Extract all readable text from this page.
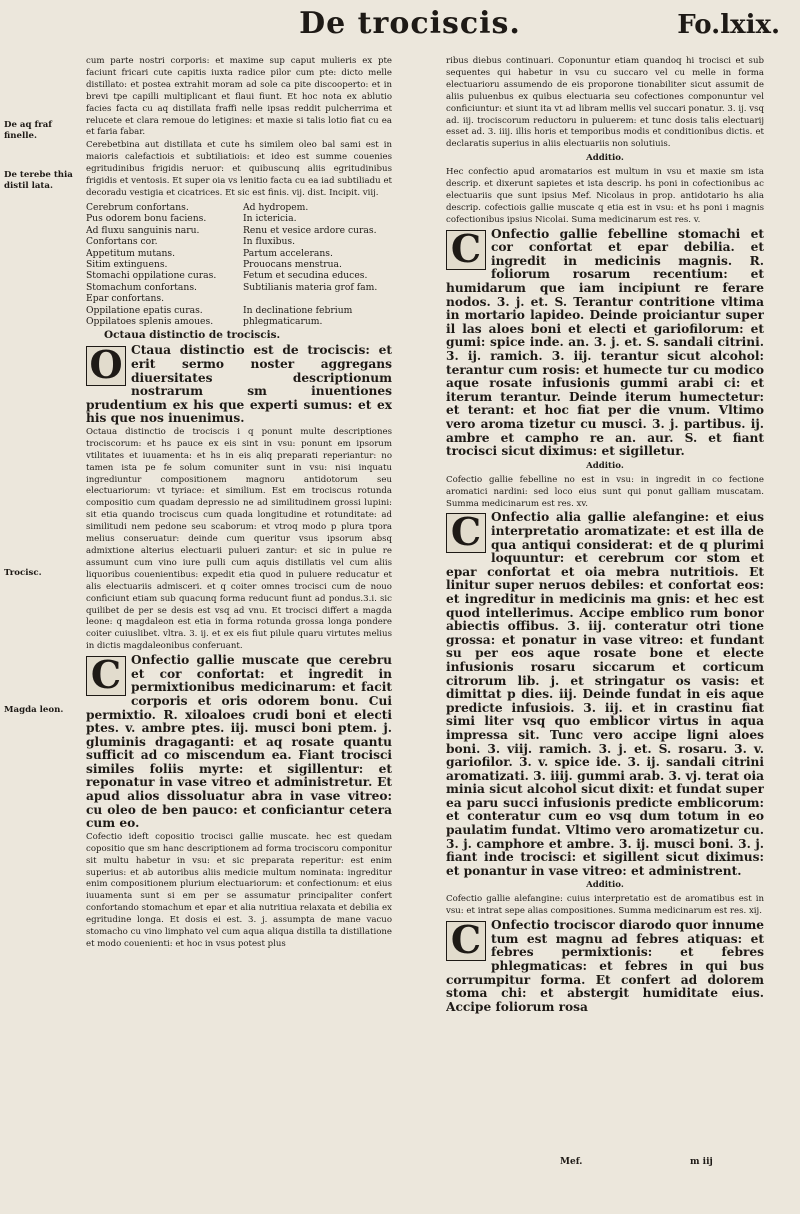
De trociscis.	Fo.lxix.
De aq fraf finelle.
De terebe thia distil lata.
Trocisc.
Magda leon.

cum parte nostri corporis: et maxime sup caput mulieris ex pte faciunt fricari cute capitis iuxta radice pilor cum pte: dicto melle distillato: et postea extrahit moram ad sole ca pite discooperto: et in brevi tpe capilli multiplicant et flaui fiunt. Et hoc nota ex ablutio facies facta cu aq distillata fraffi nelle ipsas reddit pulcherrima et relucete et clara remoue do letigines: et maxie si talis lotio fiat cu ea et faria fabar.

Cerebetbina aut distillata et cute hs similem oleo bal sami est in maioris calefactiois et subtiliatiois: et ideo est summe couenies egritudinibus frigidis neruor: et quibuscunq aliis egritudinibus frigidis et ventosis. Et super oia vs lenitio facta cu ea iad subtiliadu et decoradu vestigia et cicatrices. Et sic est finis. vij. dist. Incipit. viij.

Cerebrum confortans.	Ad hydropem.
Pus odorem bonu faciens.	In ictericia.
Ad fluxu sanguinis naru.	Renu et vesice ardore curas.
Confortans cor.	In fluxibus.
Appetitum mutans.	Partum accelerans.
Sitim extinguens.	Prouocans menstrua.
Stomachi oppilatione curas.	Fetum et secudina educes.
Stomachum confortans.	Subtilianis materia grof fam.
Epar confortans.
Oppilatione epatis curas.	In declinatione febrium
Oppilatoes splenis amoues.	phlegmaticarum.
Octaua distinctio de trociscis.

O Ctaua distinctio est de trociscis: et erit sermo noster aggregans diuersitates descriptionum nostrarum sm inuentiones prudentium ex his que experti sumus: et ex his que nos inuenimus.

Octaua distinctio de trociscis i q ponunt multe descriptiones trociscorum: et hs pauce ex eis sint in vsu: ponunt em ipsorum vtilitates et iuuamenta: et hs in eis aliq preparati reperiantur: no tamen ista pe fe solum comuniter sunt in vsu: nisi inquatu ingrediuntur compositionem magnoru antidotorum seu electuariorum: vt tyriace: et similium. Est em trociscus rotunda compositio cum quadam depressio ne ad similitudinem grossi lupini: sit etia quando trociscus cum quada longitudine et rotunditate: ad similitudi nem pedone seu scaborum: et vtroq modo p plura tpora melius conseruatur: deinde cum queritur vsus ipsorum absq admixtione alterius electuarii pulueri zantur: et sic in pulue re assumunt cum vino iure pulli cum aquis distillatis vel cum aliis liquoribus couenientibus: expedit etia quod in puluere reducatur et alis electuariis admisceri. et q coiter omnes trocisci cum de nouo conficiunt etiam sub quacunq forma reducunt fiunt ad pondus.3.i. sic quilibet de per se desis est vsq ad vnu. Et trocisci differt a magda leone: q magdaleon est etia in forma rotunda grossa longa pondere coiter cuiuslibet. vltra. 3. ij. et ex eis fiut pilule quaru virtutes melius in dictis magdaleonibus conferuant.

C Onfectio gallie muscate que cerebru et cor confortat: et ingredit in permixtionibus medicinarum: et facit corporis et oris odorem bonu. Cui permixtio. R. xiloaloes crudi boni et electi ptes. v. ambre ptes. iij. musci boni ptem. j. gluminis dragaganti: et aq rosate quantu sufficit ad co miscendum ea. Fiant trocisci similes foliis myrte: et sigillentur: et reponatur in vase vitreo et administretur. Et apud alios dissoluatur abra in vase vitreo: cu oleo de ben pauco: et conficiantur cetera cum eo.

Cofectio ideft copositio trocisci gallie muscate. hec est quedam copositio que sm hanc descriptionem ad forma trociscoru componitur sit multu habetur in vsu: et sic preparata reperitur: est enim superius: et ab autoribus aliis medicie multum nominata: ingreditur enim compositionem plurium electuariorum: et confectionum: et eius iuuamenta sunt si em per se assumatur principaliter confert confortando stomachum et epar et alia nutritiua relaxata et debilia ex egritudine longa. Et dosis ei est. 3. j. assumpta de mane vacuo stomacho cu vino limphato vel cum aqua aliqua distilla ta distillatione et modo couenienti: et hoc in vsus potest plus

ribus diebus continuari. Coponuntur etiam quandoq hi trocisci et sub sequentes qui habetur in vsu cu succaro vel cu melle in forma electuarioru assumendo de eis proporone tionabiliter sicut assumit de aliis puluenbus ex quibus electuaria seu cofectiones componuntur vel conficiuntur: et siunt ita vt ad libram mellis vel succari ponatur. 3. ij. vsq ad. iij. trociscorum reductoru in puluerem: et tunc dosis talis electuarij esset ad. 3. iiij. illis horis et temporibus modis et conditionibus dictis. et declaratis superius in aliis electuariis non solutiuis.

Additio.

Hec confectio apud aromatarios est multum in vsu et maxie sm ista descrip. et dixerunt sapietes et ista descrip. hs poni in cofectionibus ac electuariis que sunt ipsius Mef. Nicolaus in prop. antidotario hs alia descrip. cofectiois gallie muscate q etia est in vsu: et hs poni i magnis cofectionibus ipsius Nicolai. Suma medicinarum est res. v.

C Onfectio gallie febelline stomachi et cor confortat et epar debilia. et ingredit in medicinis magnis. R. foliorum rosarum recentium: et humidarum que iam incipiunt re ferare nodos. 3. j. et. S. Terantur contritione vltima in mortario lapideo. Deinde proiciantur super il las aloes boni et electi et gariofilorum: et gumi: spice inde. an. 3. j. et. S. sandali citrini. 3. ij. ramich. 3. iij. terantur sicut alcohol: terantur cum rosis: et humecte tur cu modico aque rosate infusionis gummi arabi ci: et iterum terantur. Deinde iterum humectetur: et terant: et hoc fiat per die vnum. Vltimo vero aroma tizetur cu musci. 3. j. partibus. ij. ambre et campho re an. aur. S. et fiant trocisci sicut diximus: et sigilletur.

Additio.

Cofectio gallie febelline no est in vsu: in ingredit in co fectione aromatici nardini: sed loco eius sunt qui ponut galliam muscatam. Summa medicinarum est res. xv.

C Onfectio alia gallie alefangine: et eius interpretatio aromatizate: et est illa de qua antiqui considerat: et de q plurimi loquuntur: et cerebrum cor stom et epar confortat et oia mebra nutritiois. Et linitur super neruos debiles: et confortat eos: et ingreditur in medicinis ma gnis: et hec est quod intellerimus. Accipe emblico rum bonor abiectis offibus. 3. iij. conteratur otri tione grossa: et ponatur in vase vitreo: et fundant su per eos aque rosate bone et electe infusionis rosaru siccarum et corticum citrorum lib. j. et stringatur os vasis: et dimittat p dies. iij. Deinde fundat in eis aque predicte infusiois. 3. iij. et in crastinu fiat simi liter vsq quo emblicor virtus in aqua impressa sit. Tunc vero accipe ligni aloes boni. 3. viij. ramich. 3. j. et. S. rosaru. 3. v. gariofilor. 3. v. spice ide. 3. ij. sandali citrini aromatizati. 3. iiij. gummi arab. 3. vj. terat oia minia sicut alcohol sicut dixit: et fundat super ea paru succi infusionis predicte emblicorum: et conteratur cum eo vsq dum totum in eo paulatim fundat. Vltimo vero aromatizetur cu. 3. j. camphore et ambre. 3. ij. musci boni. 3. j. fiant inde trocisci: et sigillent sicut diximus: et ponantur in vase vitreo: et administrent.

Additio.

Cofectio gallie alefangine: cuius interpretatio est de aromatibus est in vsu: et intrat sepe alias compositiones. Summa medicinarum est res. xij.

C Onfectio trociscor diarodo quor innume tum est magnu ad febres atiquas: et febres permixtionis: et febres phlegmaticas: et febres in qui bus corrumpitur forma. Et confert ad dolorem stoma chi: et abstergit humiditate eius. Accipe foliorum rosa

Mef.	m iij
